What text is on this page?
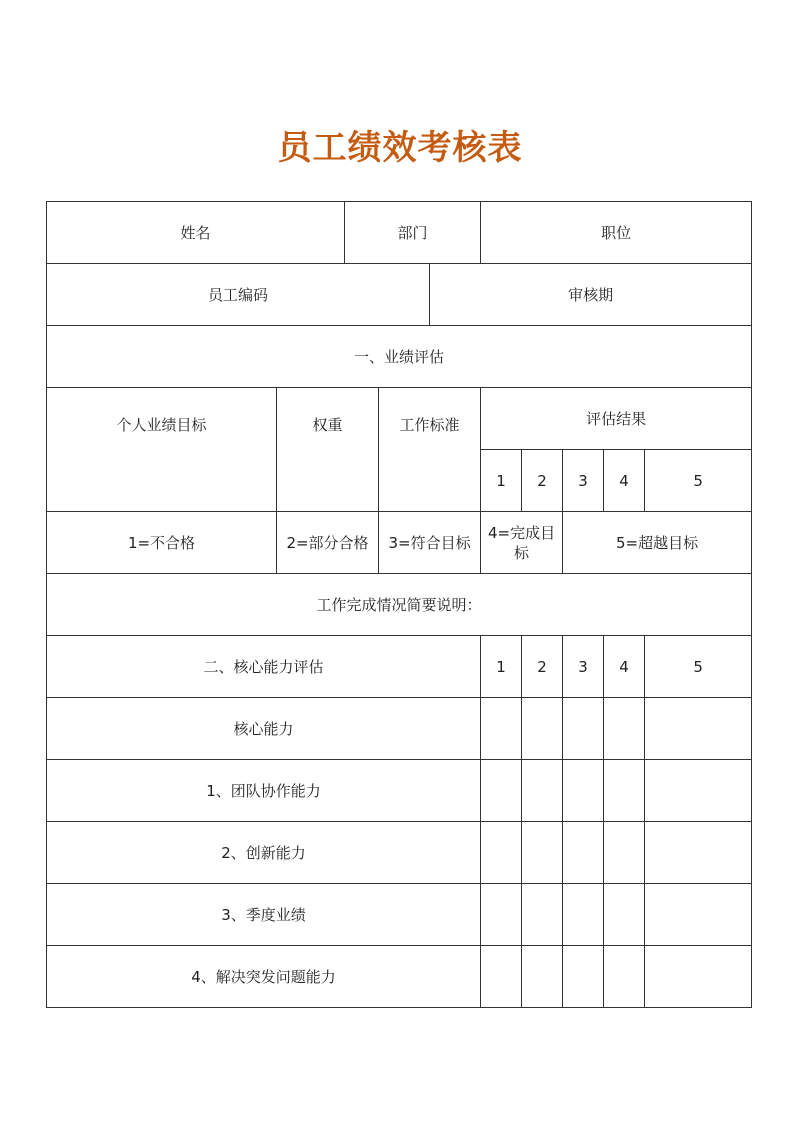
员工绩效考核表
姓名		部门			职位				
员工编码				审核期					
一、业绩评估									
个人业绩目标	权重		工作标准		评估结果				
					1	2	3	4	5
1=不合格	2=部分合格		3=符合目标		4=完成目标		5=超越目标		
工作完成情况简要说明：									
二、核心能力评估					1	2	3	4	5
核心能力									
1、团队协作能力									
2、创新能力									
3、季度业绩									
4、解决突发问题能力									
